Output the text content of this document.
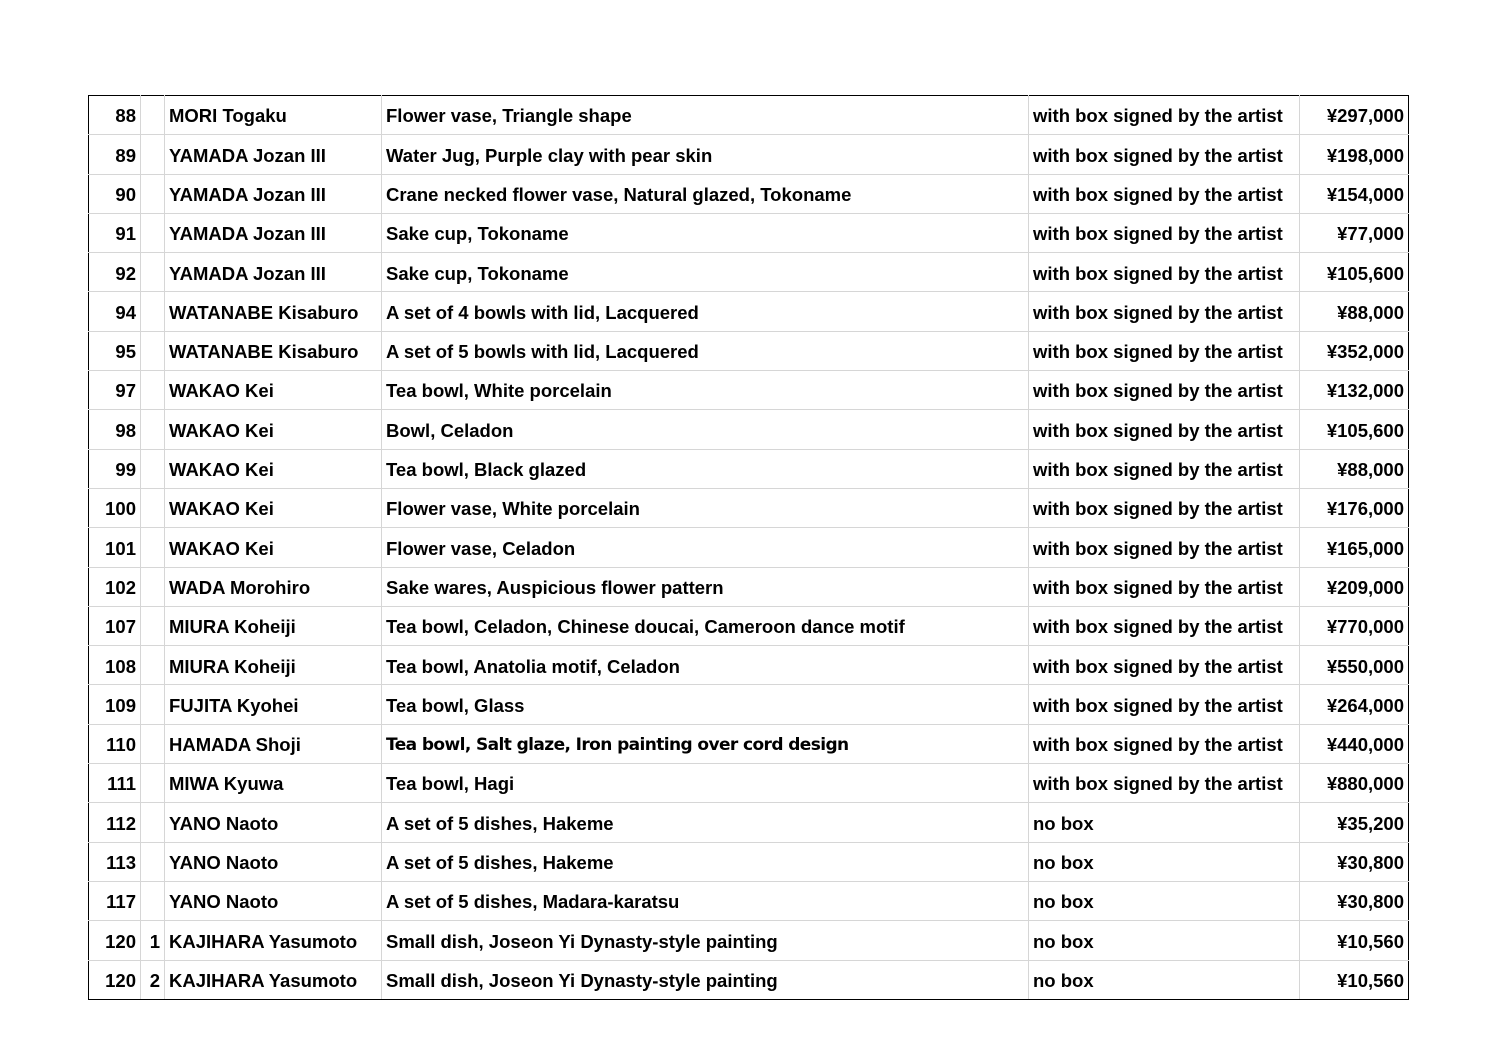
88		MORI Togaku	Flower vase, Triangle shape	with box signed by the artist	¥297,000
89		YAMADA Jozan III	Water Jug, Purple clay with pear skin	with box signed by the artist	¥198,000
90		YAMADA Jozan III	Crane necked flower vase, Natural glazed, Tokoname	with box signed by the artist	¥154,000
91		YAMADA Jozan III	Sake cup, Tokoname	with box signed by the artist	¥77,000
92		YAMADA Jozan III	Sake cup, Tokoname	with box signed by the artist	¥105,600
94		WATANABE Kisaburo	A set of 4 bowls with lid, Lacquered	with box signed by the artist	¥88,000
95		WATANABE Kisaburo	A set of 5 bowls with lid, Lacquered	with box signed by the artist	¥352,000
97		WAKAO Kei	Tea bowl, White porcelain	with box signed by the artist	¥132,000
98		WAKAO Kei	Bowl, Celadon	with box signed by the artist	¥105,600
99		WAKAO Kei	Tea bowl, Black glazed	with box signed by the artist	¥88,000
100		WAKAO Kei	Flower vase, White porcelain	with box signed by the artist	¥176,000
101		WAKAO Kei	Flower vase, Celadon	with box signed by the artist	¥165,000
102		WADA Morohiro	Sake wares, Auspicious flower pattern	with box signed by the artist	¥209,000
107		MIURA Koheiji	Tea bowl, Celadon, Chinese doucai, Cameroon dance motif	with box signed by the artist	¥770,000
108		MIURA Koheiji	Tea bowl, Anatolia motif, Celadon	with box signed by the artist	¥550,000
109		FUJITA Kyohei	Tea bowl, Glass	with box signed by the artist	¥264,000
110		HAMADA Shoji	Tea bowl, Salt glaze, Iron painting over cord design	with box signed by the artist	¥440,000
111		MIWA Kyuwa	Tea bowl, Hagi	with box signed by the artist	¥880,000
112		YANO Naoto	A set of 5 dishes, Hakeme	no box	¥35,200
113		YANO Naoto	A set of 5 dishes, Hakeme	no box	¥30,800
117		YANO Naoto	A set of 5 dishes, Madara-karatsu	no box	¥30,800
120	1	KAJIHARA Yasumoto	Small dish, Joseon Yi Dynasty-style painting	no box	¥10,560
120	2	KAJIHARA Yasumoto	Small dish, Joseon Yi Dynasty-style painting	no box	¥10,560
